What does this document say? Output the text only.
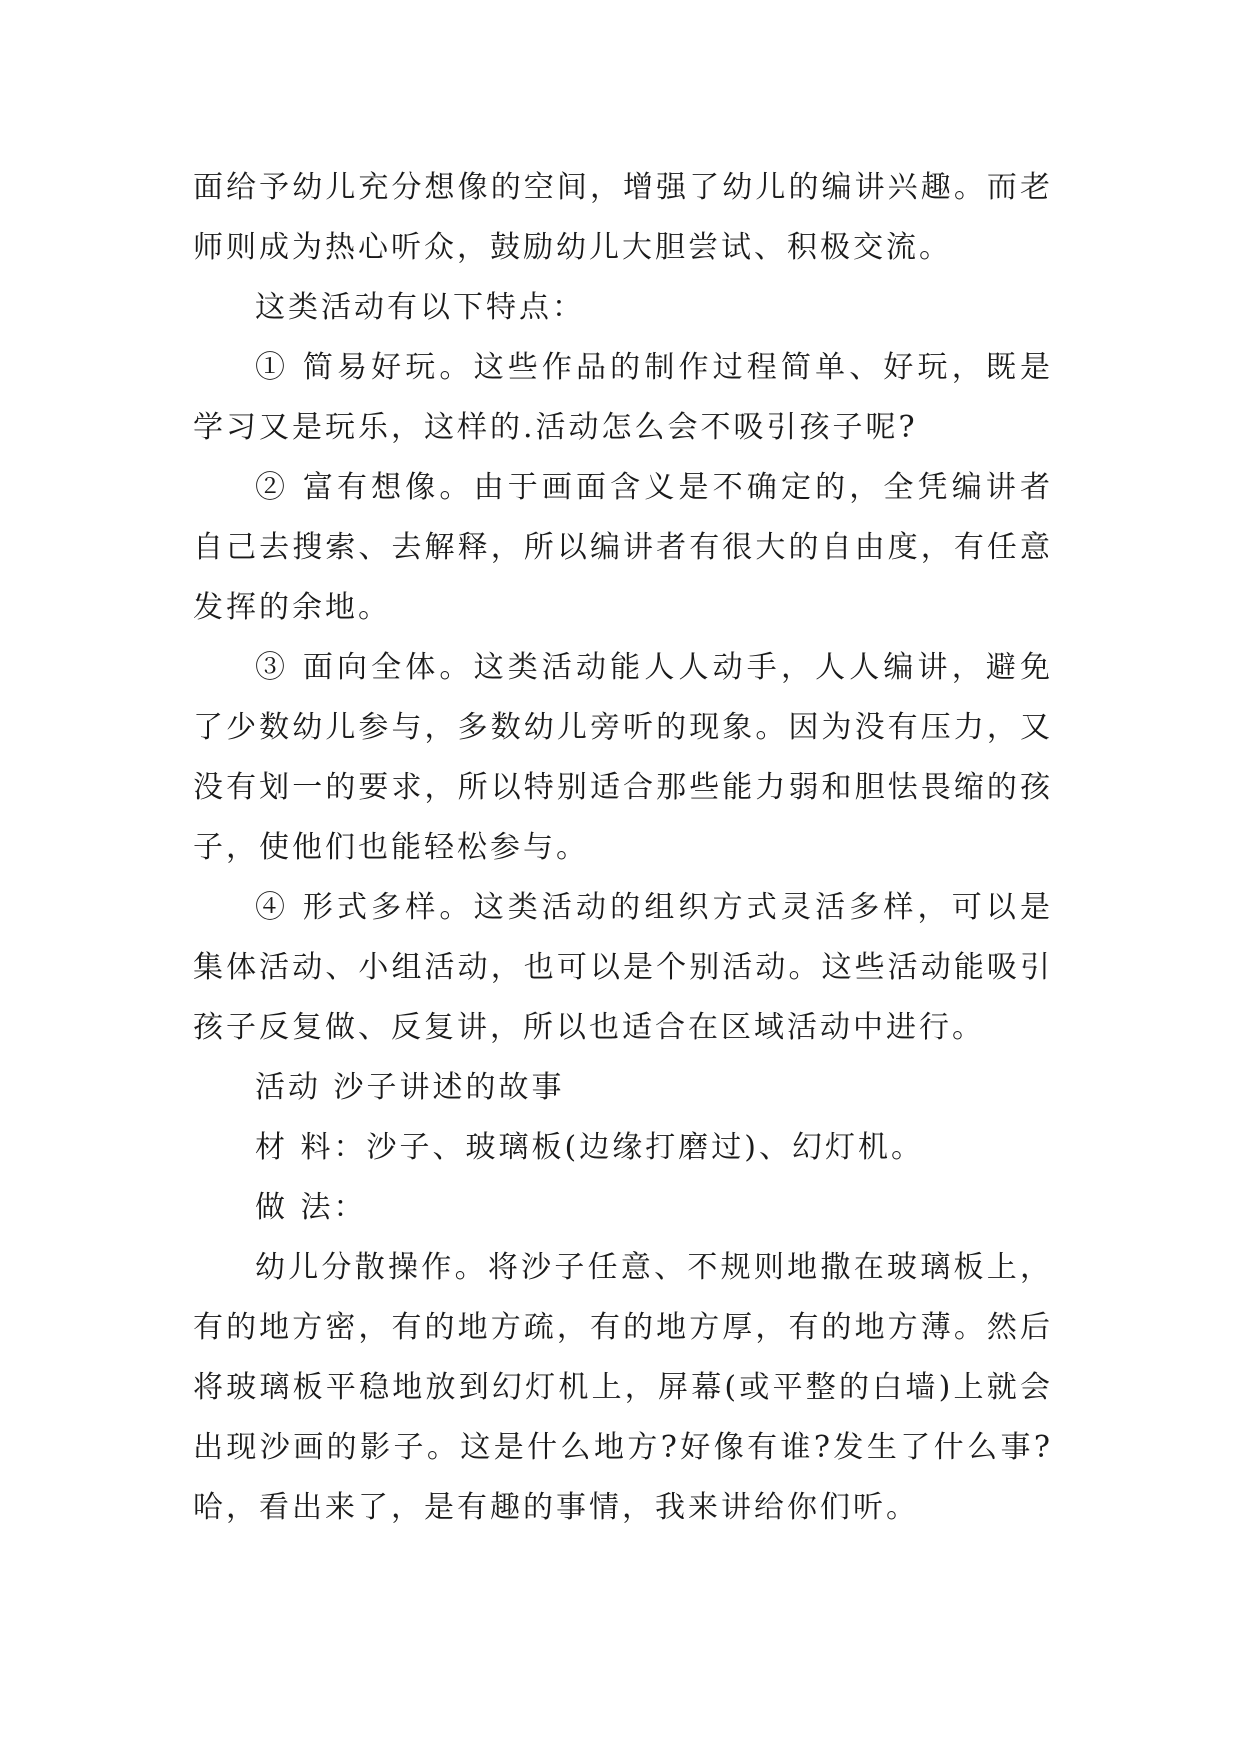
面给予幼儿充分想像的空间，增强了幼儿的编讲兴趣。而老师则成为热心听众，鼓励幼儿大胆尝试、积极交流。

这类活动有以下特点：

① 简易好玩。这些作品的制作过程简单、好玩，既是学习又是玩乐，这样的.活动怎么会不吸引孩子呢?

② 富有想像。由于画面含义是不确定的，全凭编讲者自己去搜索、去解释，所以编讲者有很大的自由度，有任意发挥的余地。

③ 面向全体。这类活动能人人动手，人人编讲，避免了少数幼儿参与，多数幼儿旁听的现象。因为没有压力，又没有划一的要求，所以特别适合那些能力弱和胆怯畏缩的孩子，使他们也能轻松参与。

④ 形式多样。这类活动的组织方式灵活多样，可以是集体活动、小组活动，也可以是个别活动。这些活动能吸引孩子反复做、反复讲，所以也适合在区域活动中进行。

活动 沙子讲述的故事

材 料：沙子、玻璃板(边缘打磨过)、幻灯机。

做 法：

幼儿分散操作。将沙子任意、不规则地撒在玻璃板上，有的地方密，有的地方疏，有的地方厚，有的地方薄。然后将玻璃板平稳地放到幻灯机上，屏幕(或平整的白墙)上就会出现沙画的影子。这是什么地方?好像有谁?发生了什么事?哈，看出来了，是有趣的事情，我来讲给你们听。
